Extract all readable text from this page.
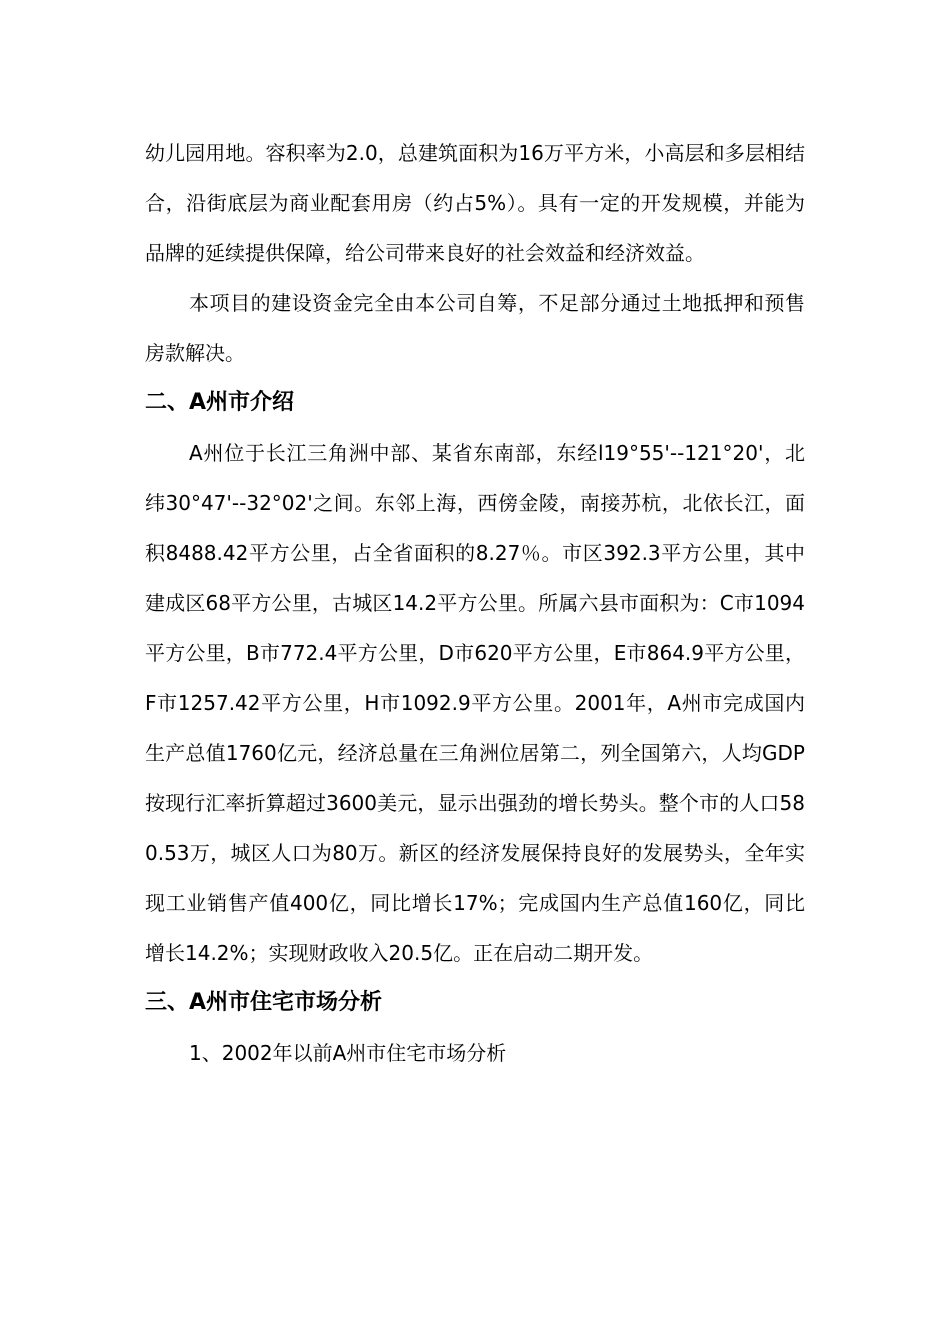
幼儿园用地。容积率为2.0，总建筑面积为16万平方米，小高层和多层相结合，沿街底层为商业配套用房（约占5%）。具有一定的开发规模，并能为品牌的延续提供保障，给公司带来良好的社会效益和经济效益。

本项目的建设资金完全由本公司自筹，不足部分通过土地抵押和预售房款解决。

二、A州市介绍

A州位于长江三角洲中部、某省东南部，东经l19°55'--121°20'，北纬30°47'--32°02'之间。东邻上海，西傍金陵，南接苏杭，北依长江，面积8488.42平方公里，占全省面积的8.27％。市区392.3平方公里，其中建成区68平方公里，古城区14.2平方公里。所属六县市面积为：C市1094平方公里，B市772.4平方公里，D市620平方公里，E市864.9平方公里，F市1257.42平方公里，H市1092.9平方公里。2001年，A州市完成国内生产总值1760亿元，经济总量在三角洲位居第二，列全国第六，人均GDP按现行汇率折算超过3600美元，显示出强劲的增长势头。整个市的人口580.53万，城区人口为80万。新区的经济发展保持良好的发展势头，全年实现工业销售产值400亿，同比增长17%；完成国内生产总值160亿，同比增长14.2%；实现财政收入20.5亿。正在启动二期开发。

三、A州市住宅市场分析

1、2002年以前A州市住宅市场分析
